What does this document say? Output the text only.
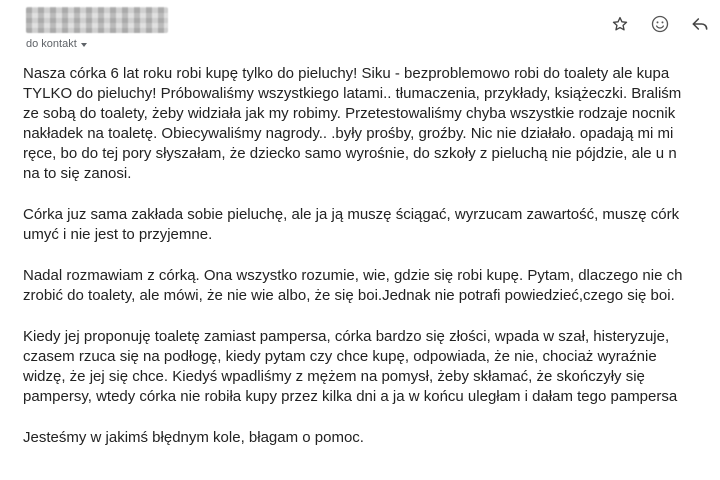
do kontakt

Nasza córka 6 lat roku robi kupę tylko do pieluchy! Siku - bezproblemowo robi do toalety ale kupa
TYLKO do pieluchy! Próbowaliśmy wszystkiego latami.. tłumaczenia, przykłady, książeczki. Braliśm
ze sobą do toalety, żeby widziała jak my robimy. Przetestowaliśmy chyba wszystkie rodzaje nocnik
nakładek na toaletę. Obiecywaliśmy nagrody.. .były prośby, groźby. Nic nie działało. opadają mi mi
ręce, bo do tej pory słyszałam, że dziecko samo wyrośnie, do szkoły z pieluchą nie pójdzie, ale u n
na to się zanosi.

Córka juz sama zakłada sobie pieluchę, ale ja ją muszę ściągać, wyrzucam zawartość, muszę córk
umyć i nie jest to przyjemne.

Nadal rozmawiam z córką. Ona wszystko rozumie, wie, gdzie się robi kupę. Pytam, dlaczego nie ch
zrobić do toalety, ale mówi, że nie wie albo, że się boi.Jednak nie potrafi powiedzieć,czego się boi.

Kiedy jej proponuję toaletę zamiast pampersa, córka bardzo się złości, wpada w szał, histeryzuje,
czasem rzuca się na podłogę, kiedy pytam czy chce kupę, odpowiada, że nie, chociaż wyraźnie
widzę, że jej się chce. Kiedyś wpadliśmy z mężem na pomysł, żeby skłamać, że skończyły się
pampersy, wtedy córka nie robiła kupy przez kilka dni a ja w końcu uległam i dałam tego pampersa

Jesteśmy w jakimś błędnym kole, błagam o pomoc.
